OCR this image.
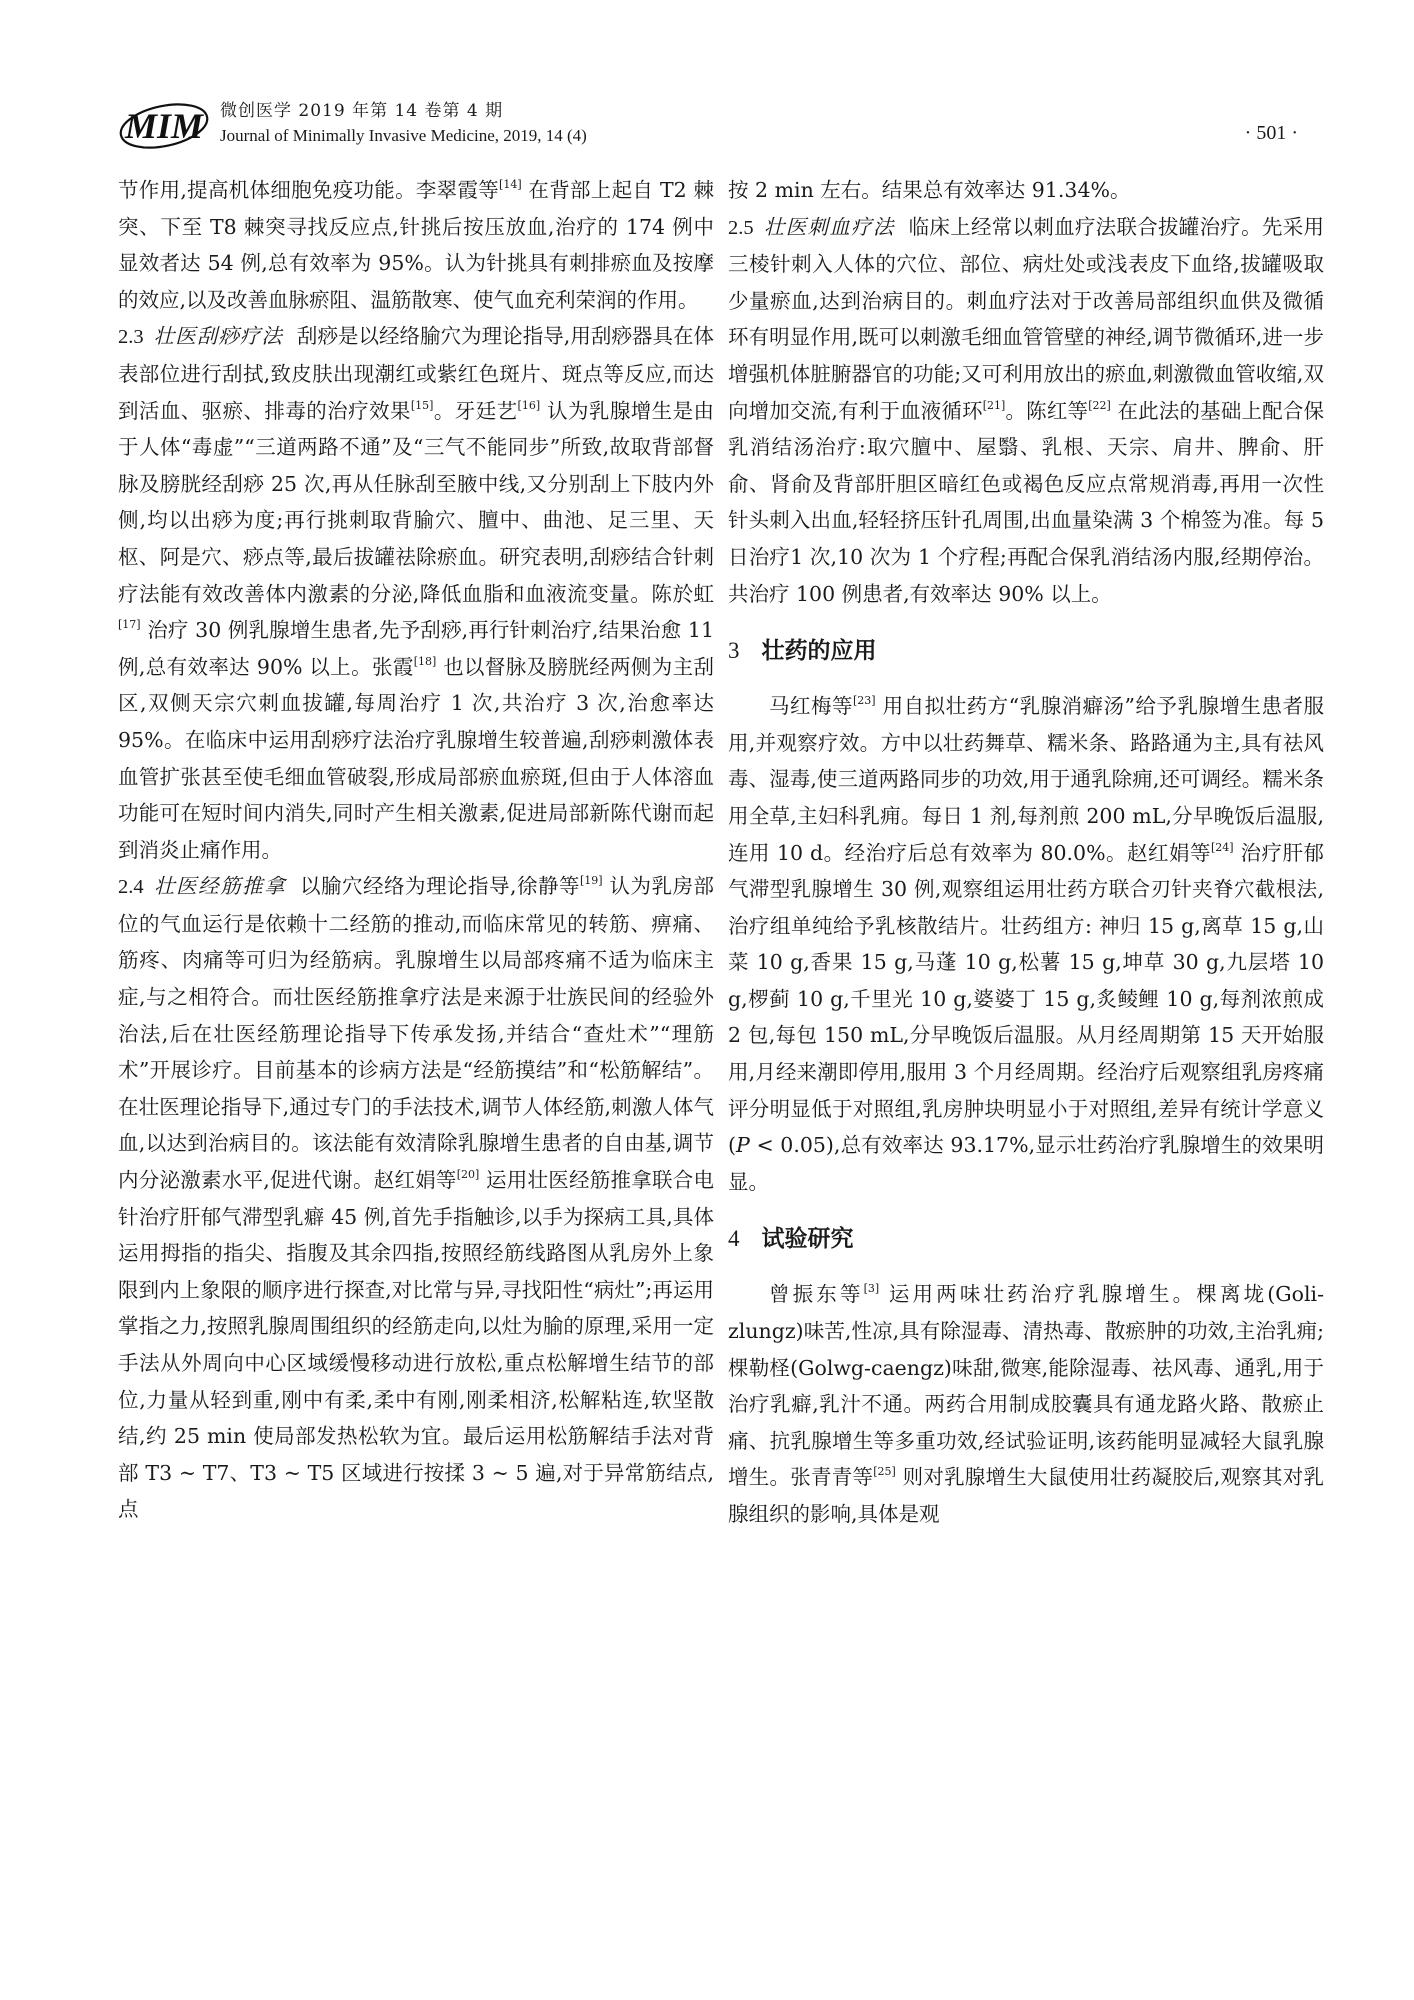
MIM 微创医学 2019 年第 14 卷第 4 期
Journal of Minimally Invasive Medicine, 2019, 14 (4)	· 501 ·

节作用,提高机体细胞免疫功能。李翠霞等[14] 在背部上起自 T2 棘突、下至 T8 棘突寻找反应点,针挑后按压放血,治疗的 174 例中显效者达 54 例,总有效率为 95%。认为针挑具有刺排瘀血及按摩的效应,以及改善血脉瘀阻、温筋散寒、使气血充利荣润的作用。

2.3 壮医刮痧疗法 刮痧是以经络腧穴为理论指导,用刮痧器具在体表部位进行刮拭,致皮肤出现潮红或紫红色斑片、斑点等反应,而达到活血、驱瘀、排毒的治疗效果[15]。牙廷艺[16] 认为乳腺增生是由于人体“毒虚”“三道两路不通”及“三气不能同步”所致,故取背部督脉及膀胱经刮痧 25 次,再从任脉刮至腋中线,又分别刮上下肢内外侧,均以出痧为度;再行挑刺取背腧穴、膻中、曲池、足三里、天枢、阿是穴、痧点等,最后拔罐祛除瘀血。研究表明,刮痧结合针刺疗法能有效改善体内激素的分泌,降低血脂和血液流变量。陈於虹[17] 治疗 30 例乳腺增生患者,先予刮痧,再行针刺治疗,结果治愈 11 例,总有效率达 90% 以上。张霞[18] 也以督脉及膀胱经两侧为主刮区,双侧天宗穴刺血拔罐,每周治疗 1 次,共治疗 3 次,治愈率达 95%。在临床中运用刮痧疗法治疗乳腺增生较普遍,刮痧刺激体表血管扩张甚至使毛细血管破裂,形成局部瘀血瘀斑,但由于人体溶血功能可在短时间内消失,同时产生相关激素,促进局部新陈代谢而起到消炎止痛作用。

2.4 壮医经筋推拿 以腧穴经络为理论指导,徐静等[19] 认为乳房部位的气血运行是依赖十二经筋的推动,而临床常见的转筋、痹痛、筋疼、肉痛等可归为经筋病。乳腺增生以局部疼痛不适为临床主症,与之相符合。而壮医经筋推拿疗法是来源于壮族民间的经验外治法,后在壮医经筋理论指导下传承发扬,并结合“查灶术”“理筋术”开展诊疗。目前基本的诊病方法是“经筋摸结”和“松筋解结”。在壮医理论指导下,通过专门的手法技术,调节人体经筋,刺激人体气血,以达到治病目的。该法能有效清除乳腺增生患者的自由基,调节内分泌激素水平,促进代谢。赵红娟等[20] 运用壮医经筋推拿联合电针治疗肝郁气滞型乳癖 45 例,首先手指触诊,以手为探病工具,具体运用拇指的指尖、指腹及其余四指,按照经筋线路图从乳房外上象限到内上象限的顺序进行探查,对比常与异,寻找阳性“病灶”;再运用掌指之力,按照乳腺周围组织的经筋走向,以灶为腧的原理,采用一定手法从外周向中心区域缓慢移动进行放松,重点松解增生结节的部位,力量从轻到重,刚中有柔,柔中有刚,刚柔相济,松解粘连,软坚散结,约 25 min 使局部发热松软为宜。最后运用松筋解结手法对背部 T3 ~ T7、T3 ~ T5 区域进行按揉 3 ~ 5 遍,对于异常筋结点,点

按 2 min 左右。结果总有效率达 91.34%。

2.5 壮医刺血疗法 临床上经常以刺血疗法联合拔罐治疗。先采用三棱针刺入人体的穴位、部位、病灶处或浅表皮下血络,拔罐吸取少量瘀血,达到治病目的。刺血疗法对于改善局部组织血供及微循环有明显作用,既可以刺激毛细血管管壁的神经,调节微循环,进一步增强机体脏腑器官的功能;又可利用放出的瘀血,刺激微血管收缩,双向增加交流,有利于血液循环[21]。陈红等[22] 在此法的基础上配合保乳消结汤治疗:取穴膻中、屋翳、乳根、天宗、肩井、脾俞、肝俞、肾俞及背部肝胆区暗红色或褐色反应点常规消毒,再用一次性针头刺入出血,轻轻挤压针孔周围,出血量染满 3 个棉签为准。每 5 日治疗1 次,10 次为 1 个疗程;再配合保乳消结汤内服,经期停治。共治疗 100 例患者,有效率达 90% 以上。

3 壮药的应用

马红梅等[23] 用自拟壮药方“乳腺消癖汤”给予乳腺增生患者服用,并观察疗效。方中以壮药舞草、糯米条、路路通为主,具有祛风毒、湿毒,使三道两路同步的功效,用于通乳除痈,还可调经。糯米条用全草,主妇科乳痈。每日 1 剂,每剂煎 200 mL,分早晚饭后温服,连用 10 d。经治疗后总有效率为 80.0%。赵红娟等[24] 治疗肝郁气滞型乳腺增生 30 例,观察组运用壮药方联合刃针夹脊穴截根法,治疗组单纯给予乳核散结片。壮药组方: 神归 15 g,离草 15 g,山菜 10 g,香果 15 g,马蓬 10 g,松薯 15 g,坤草 30 g,九层塔 10 g,椤蓟 10 g,千里光 10 g,婆婆丁 15 g,炙鲮鲤 10 g,每剂浓煎成 2 包,每包 150 mL,分早晚饭后温服。从月经周期第 15 天开始服用,月经来潮即停用,服用 3 个月经周期。经治疗后观察组乳房疼痛评分明显低于对照组,乳房肿块明显小于对照组,差异有统计学意义(P < 0.05),总有效率达 93.17%,显示壮药治疗乳腺增生的效果明显。

4 试验研究

曾振东等[3] 运用两味壮药治疗乳腺增生。棵离垅(Goli-zlungz)味苦,性凉,具有除湿毒、清热毒、散瘀肿的功效,主治乳痈;棵勒柽(Golwg-caengz)味甜,微寒,能除湿毒、祛风毒、通乳,用于治疗乳癖,乳汁不通。两药合用制成胶囊具有通龙路火路、散瘀止痛、抗乳腺增生等多重功效,经试验证明,该药能明显减轻大鼠乳腺增生。张青青等[25] 则对乳腺增生大鼠使用壮药凝胶后,观察其对乳腺组织的影响,具体是观
